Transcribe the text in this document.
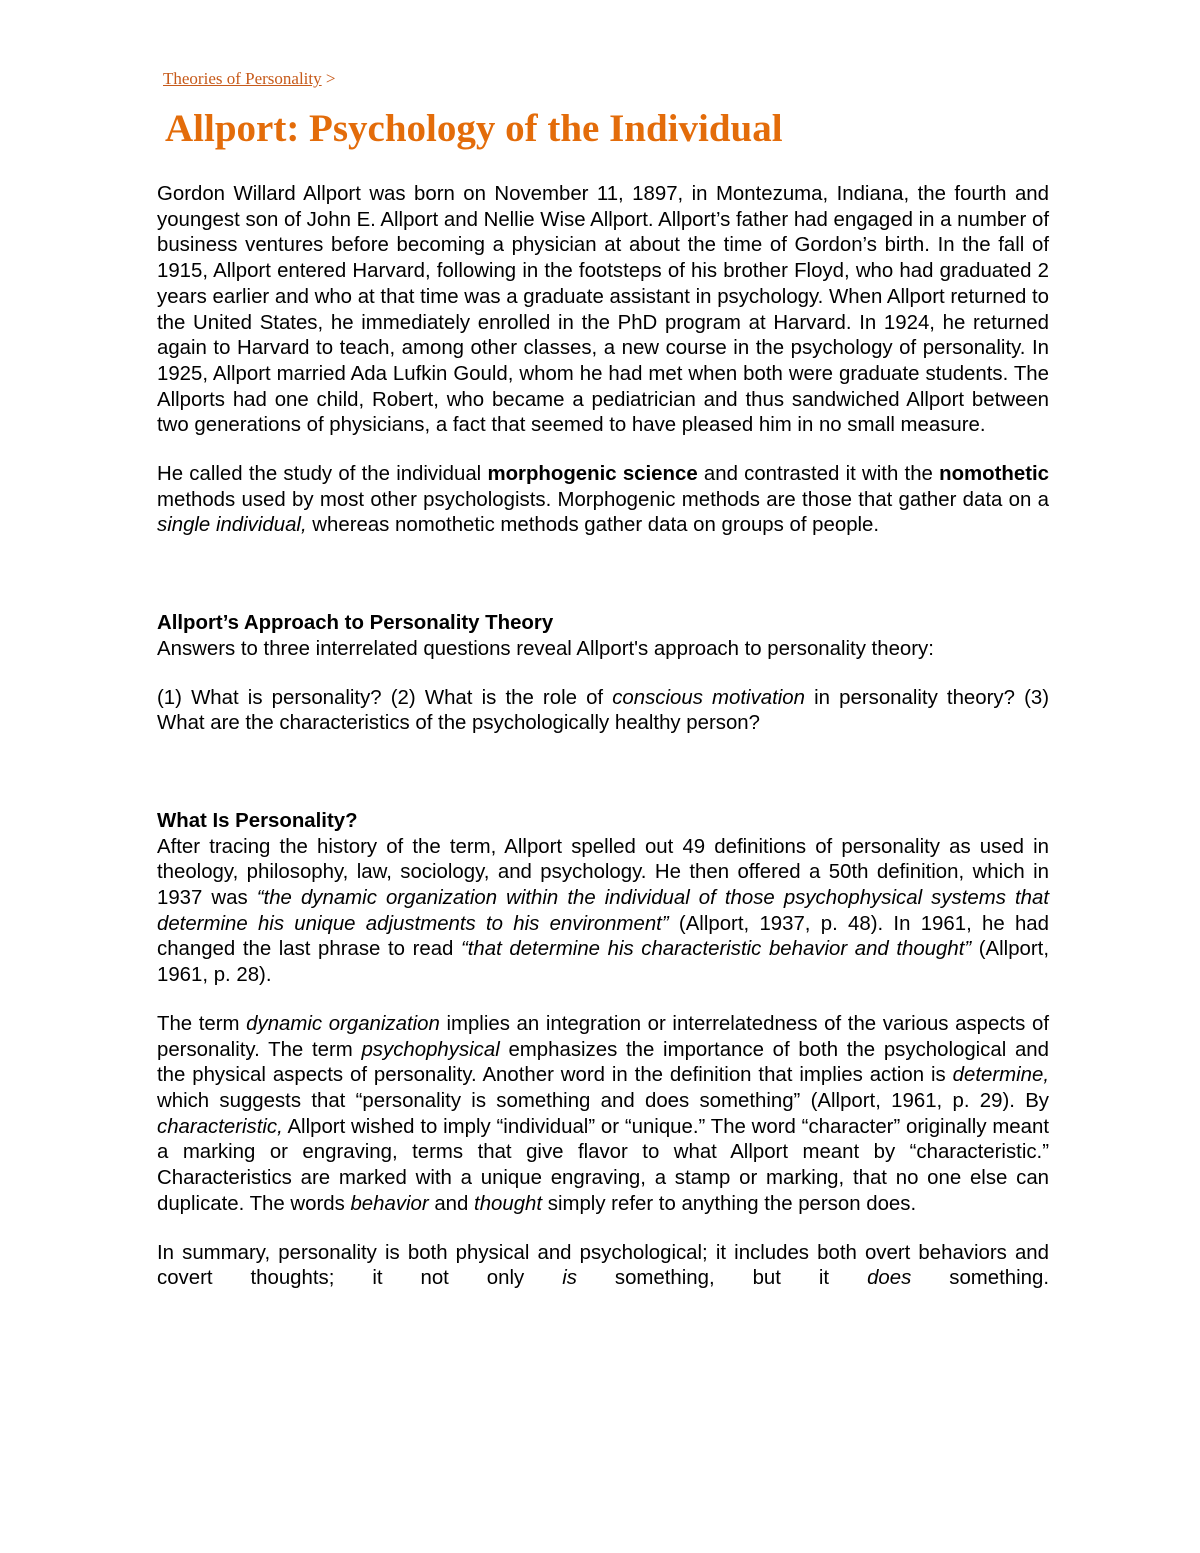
Theories of Personality >
Allport: Psychology of the Individual

Gordon Willard Allport was born on November 11, 1897, in Montezuma, Indiana, the fourth and youngest son of John E. Allport and Nellie Wise Allport. Allport’s father had engaged in a number of business ventures before becoming a physician at about the time of Gordon’s birth. In the fall of 1915, Allport entered Harvard, following in the footsteps of his brother Floyd, who had graduated 2 years earlier and who at that time was a graduate assistant in psychology. When Allport returned to the United States, he immediately enrolled in the PhD program at Harvard. In 1924, he returned again to Harvard to teach, among other classes, a new course in the psychology of personality. In 1925, Allport married Ada Lufkin Gould, whom he had met when both were graduate students. The Allports had one child, Robert, who became a pediatrician and thus sandwiched Allport between two generations of physicians, a fact that seemed to have pleased him in no small measure.

He called the study of the individual morphogenic science and contrasted it with the nomothetic methods used by most other psychologists. Morphogenic methods are those that gather data on a single individual, whereas nomothetic methods gather data on groups of people.

Allport’s Approach to Personality Theory

Answers to three interrelated questions reveal Allport's approach to personality theory:

(1) What is personality? (2) What is the role of conscious motivation in personality theory? (3) What are the characteristics of the psychologically healthy person?

What Is Personality?

After tracing the history of the term, Allport spelled out 49 definitions of personality as used in theology, philosophy, law, sociology, and psychology. He then offered a 50th definition, which in 1937 was “the dynamic organization within the individual of those psychophysical systems that determine his unique adjustments to his environment” (Allport, 1937, p. 48). In 1961, he had changed the last phrase to read “that determine his characteristic behavior and thought” (Allport, 1961, p. 28).

The term dynamic organization implies an integration or interrelatedness of the various aspects of personality. The term psychophysical emphasizes the importance of both the psychological and the physical aspects of personality. Another word in the definition that implies action is determine, which suggests that “personality is something and does something” (Allport, 1961, p. 29). By characteristic, Allport wished to imply “individual” or “unique.” The word “character” originally meant a marking or engraving, terms that give flavor to what Allport meant by “characteristic.” Characteristics are marked with a unique engraving, a stamp or marking, that no one else can duplicate. The words behavior and thought simply refer to anything the person does.

In summary, personality is both physical and psychological; it includes both overt behaviors and covert thoughts; it not only is something, but it does something.
